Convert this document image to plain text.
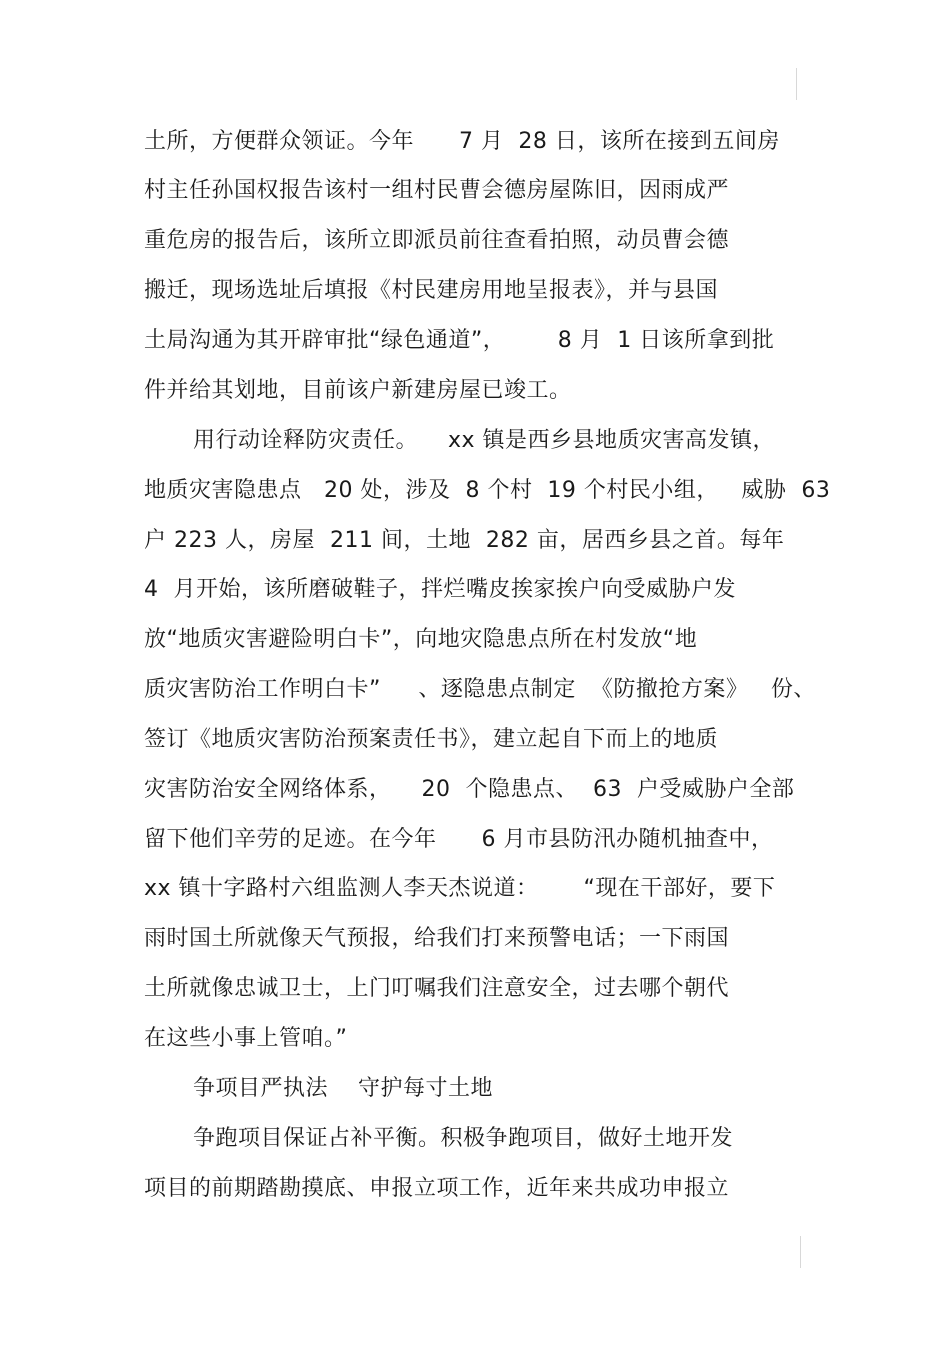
土所，方便群众领证。今年      7 月  28 日，该所在接到五间房
村主任孙国权报告该村一组村民曹会德房屋陈旧，因雨成严
重危房的报告后，该所立即派员前往查看拍照，动员曹会德
搬迁，现场选址后填报《村民建房用地呈报表》，并与县国
土局沟通为其开辟审批“绿色通道”，       8 月  1 日该所拿到批
件并给其划地，目前该户新建房屋已竣工。
用行动诠释防灾责任。    xx 镇是西乡县地质灾害高发镇，
地质灾害隐患点   20 处，涉及  8 个村  19 个村民小组，   威胁  63
户 223 人，房屋  211 间，土地  282 亩，居西乡县之首。每年
4  月开始，该所磨破鞋子，拌烂嘴皮挨家挨户向受威胁户发
放“地质灾害避险明白卡”，向地灾隐患点所在村发放“地
质灾害防治工作明白卡”     、逐隐患点制定  《防撤抢方案》   份、
签订《地质灾害防治预案责任书》，建立起自下而上的地质
灾害防治安全网络体系，    20  个隐患点、  63  户受威胁户全部
留下他们辛劳的足迹。在今年      6 月市县防汛办随机抽查中，
xx 镇十字路村六组监测人李天杰说道：      “现在干部好，要下
雨时国土所就像天气预报，给我们打来预警电话；一下雨国
土所就像忠诚卫士，上门叮嘱我们注意安全，过去哪个朝代
在这些小事上管咱。”
争项目严执法    守护每寸土地
争跑项目保证占补平衡。积极争跑项目，做好土地开发
项目的前期踏勘摸底、申报立项工作，近年来共成功申报立
